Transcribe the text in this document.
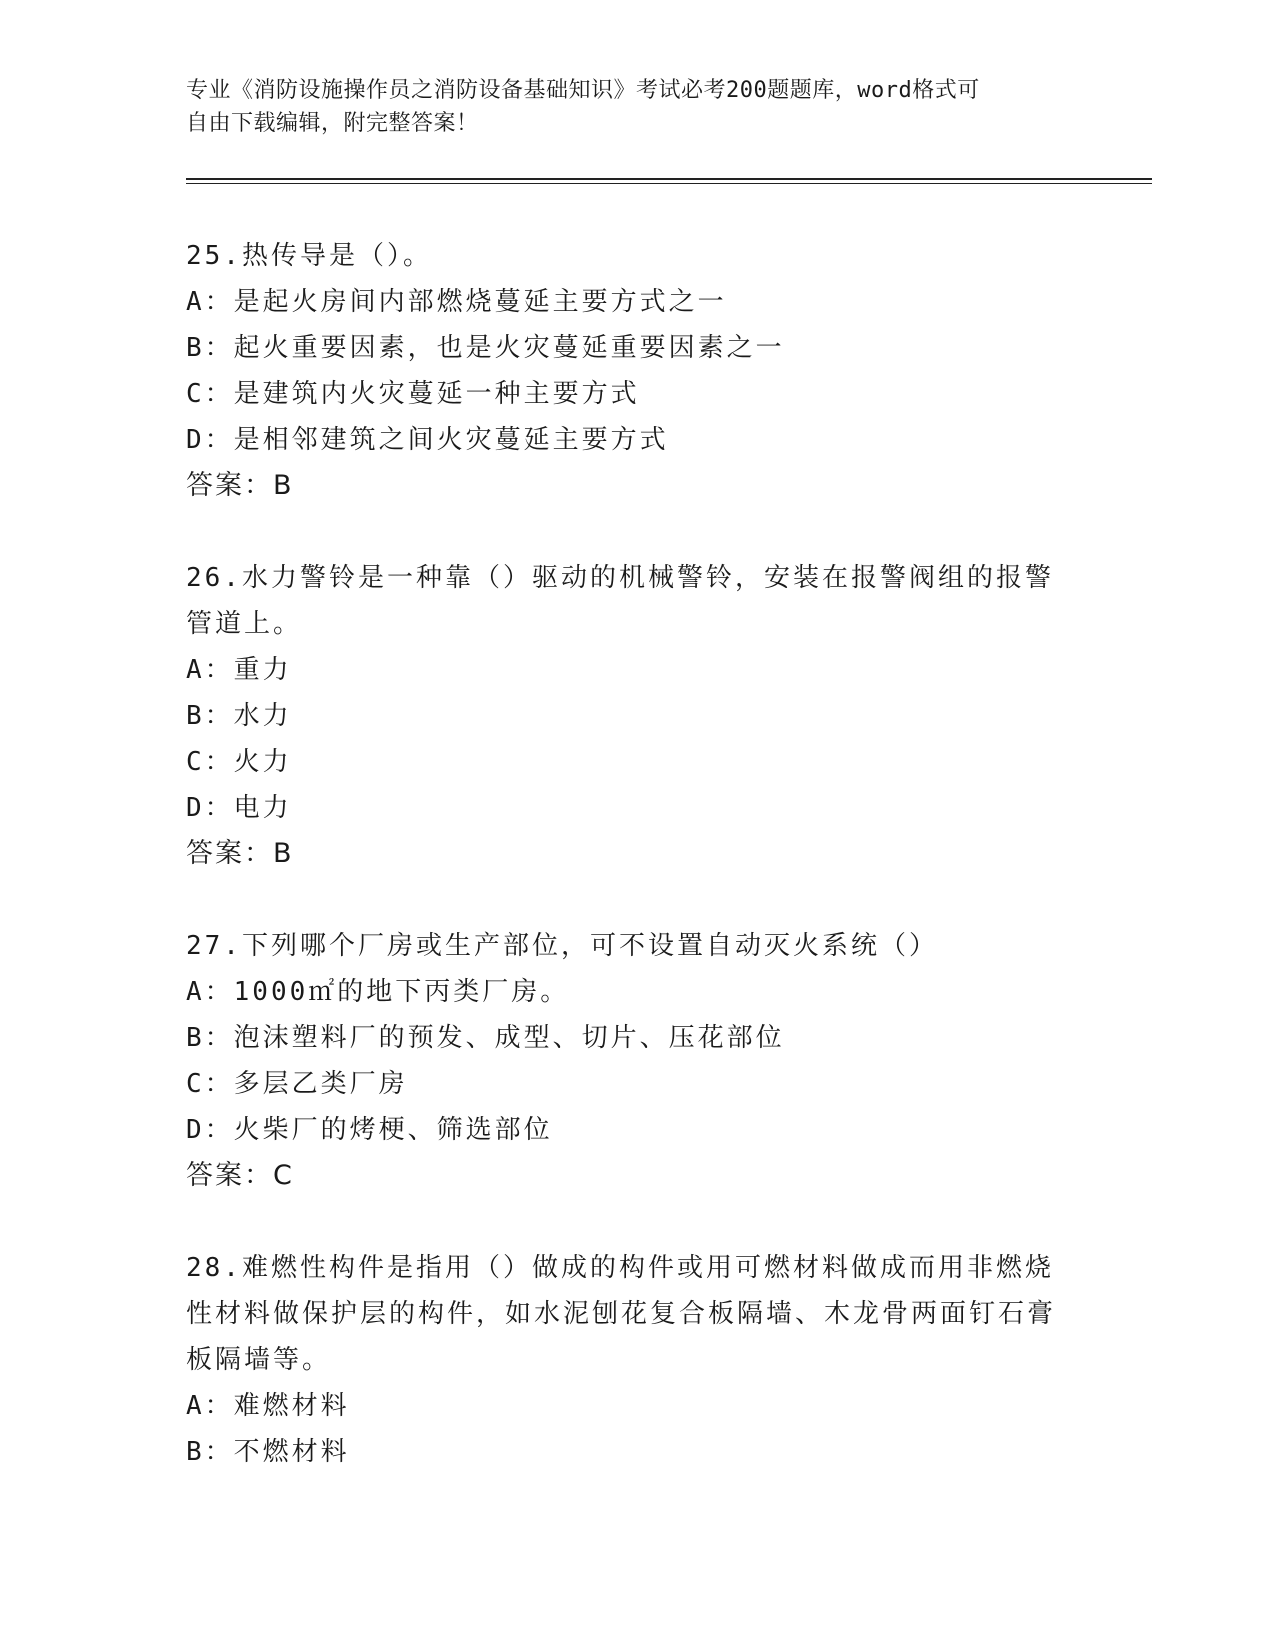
专业《消防设施操作员之消防设备基础知识》考试必考200题题库，word格式可
自由下载编辑，附完整答案！
25.热传导是（）。
A：是起火房间内部燃烧蔓延主要方式之一
B：起火重要因素，也是火灾蔓延重要因素之一
C：是建筑内火灾蔓延一种主要方式
D：是相邻建筑之间火灾蔓延主要方式
答案：B
26.水力警铃是一种靠（）驱动的机械警铃，安装在报警阀组的报警管道上。
A：重力
B：水力
C：火力
D：电力
答案：B
27.下列哪个厂房或生产部位，可不设置自动灭火系统（）
A：1000㎡的地下丙类厂房。
B：泡沫塑料厂的预发、成型、切片、压花部位
C：多层乙类厂房
D：火柴厂的烤梗、筛选部位
答案：C
28.难燃性构件是指用（）做成的构件或用可燃材料做成而用非燃烧性材料做保护层的构件，如水泥刨花复合板隔墙、木龙骨两面钉石膏板隔墙等。
A：难燃材料
B：不燃材料
